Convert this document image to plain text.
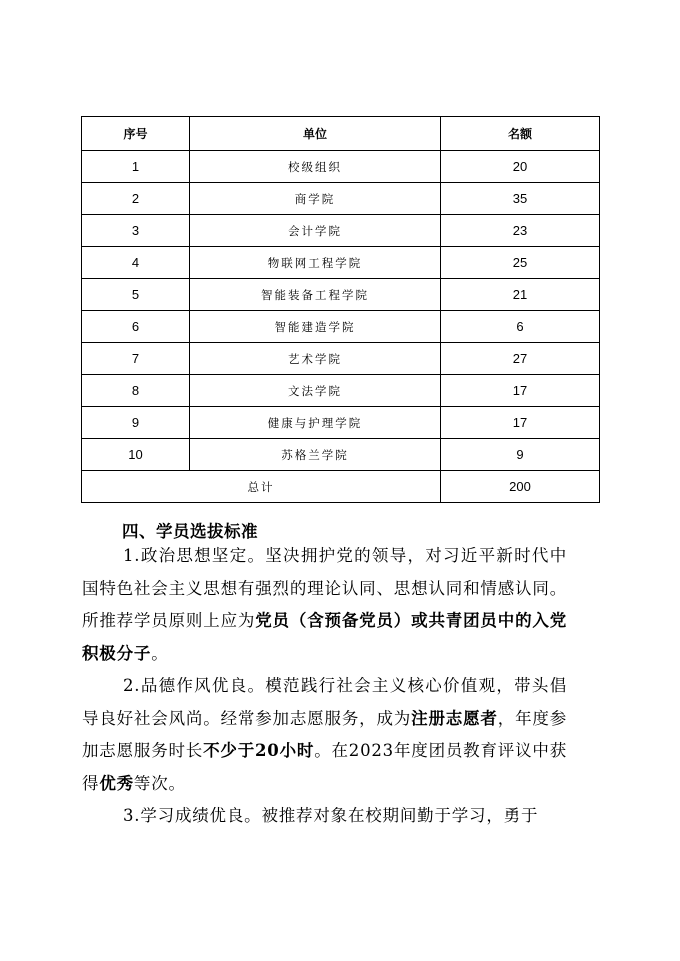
序号	单位	名额
1	校级组织	20
2	商学院	35
3	会计学院	23
4	物联网工程学院	25
5	智能装备工程学院	21
6	智能建造学院	6
7	艺术学院	27
8	文法学院	17
9	健康与护理学院	17
10	苏格兰学院	9
总计		200
四、学员选拔标准
1.政治思想坚定。坚决拥护党的领导，对习近平新时代中国特色社会主义思想有强烈的理论认同、思想认同和情感认同。所推荐学员原则上应为党员（含预备党员）或共青团员中的入党积极分子。
2.品德作风优良。模范践行社会主义核心价值观，带头倡导良好社会风尚。经常参加志愿服务，成为注册志愿者，年度参加志愿服务时长不少于20小时。在2023年度团员教育评议中获得优秀等次。
3.学习成绩优良。被推荐对象在校期间勤于学习，勇于
